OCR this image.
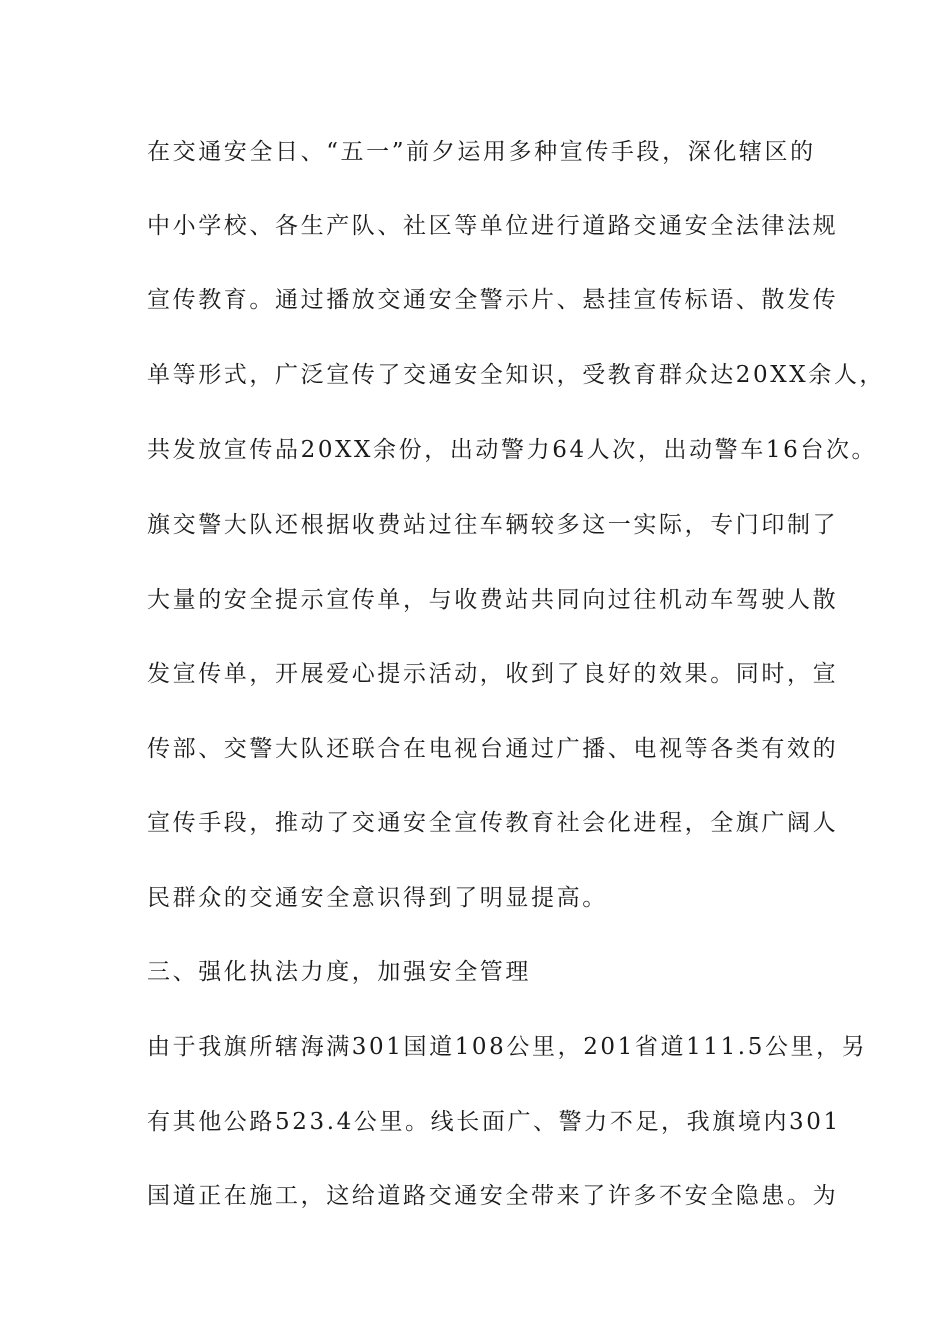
在交通安全日、“五一”前夕运用多种宣传手段，深化辖区的
中小学校、各生产队、社区等单位进行道路交通安全法律法规
宣传教育。通过播放交通安全警示片、悬挂宣传标语、散发传
单等形式，广泛宣传了交通安全知识，受教育群众达20XX余人，
共发放宣传品20XX余份，出动警力64人次，出动警车16台次。
旗交警大队还根据收费站过往车辆较多这一实际，专门印制了
大量的安全提示宣传单，与收费站共同向过往机动车驾驶人散
发宣传单，开展爱心提示活动，收到了良好的效果。同时，宣
传部、交警大队还联合在电视台通过广播、电视等各类有效的
宣传手段，推动了交通安全宣传教育社会化进程，全旗广阔人
民群众的交通安全意识得到了明显提高。
三、强化执法力度，加强安全管理
由于我旗所辖海满301国道108公里，201省道111.5公里，另
有其他公路523.4公里。线长面广、警力不足，我旗境内301
国道正在施工，这给道路交通安全带来了许多不安全隐患。为
